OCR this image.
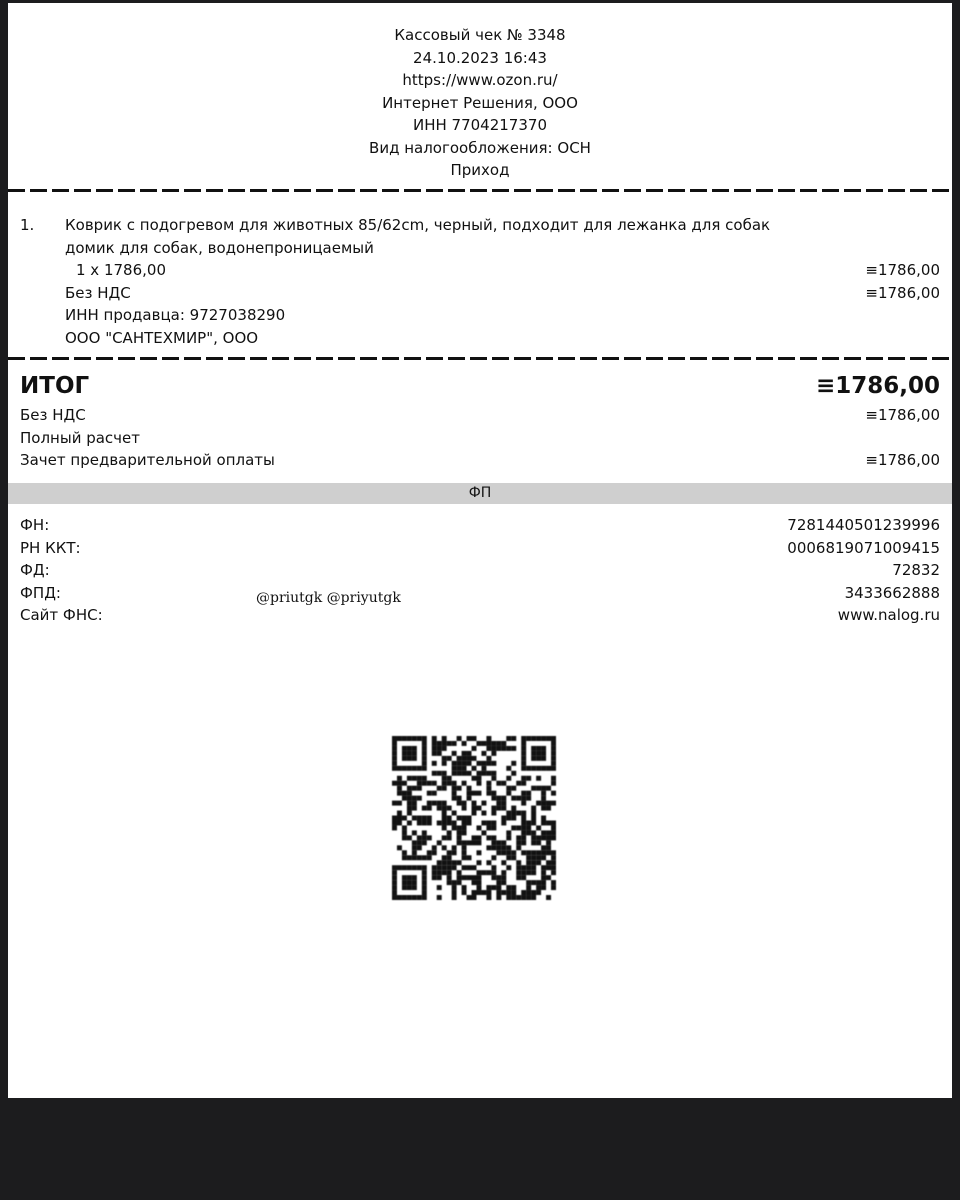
Кассовый чек № 3348
24.10.2023 16:43
https://www.ozon.ru/
Интернет Решения, ООО
ИНН 7704217370
Вид налогообложения: ОСН
Приход
1. Коврик с подогревом для животных 85/62cm, черный, подходит для лежанка для собак
домик для собак, водонепроницаемый
1 x 1786,00	≡1786,00
Без НДС	≡1786,00
ИНН продавца: 9727038290
ООО "САНТЕХМИР", ООО
ИТОГ	≡1786,00
Без НДС	≡1786,00
Полный расчет
Зачет предварительной оплаты	≡1786,00
ФП
ФН:	7281440501239996
РН ККТ:	0006819071009415
ФД:	72832
ФПД:	3433662888
Сайт ФНС:	www.nalog.ru
@priutgk @priyutgk
